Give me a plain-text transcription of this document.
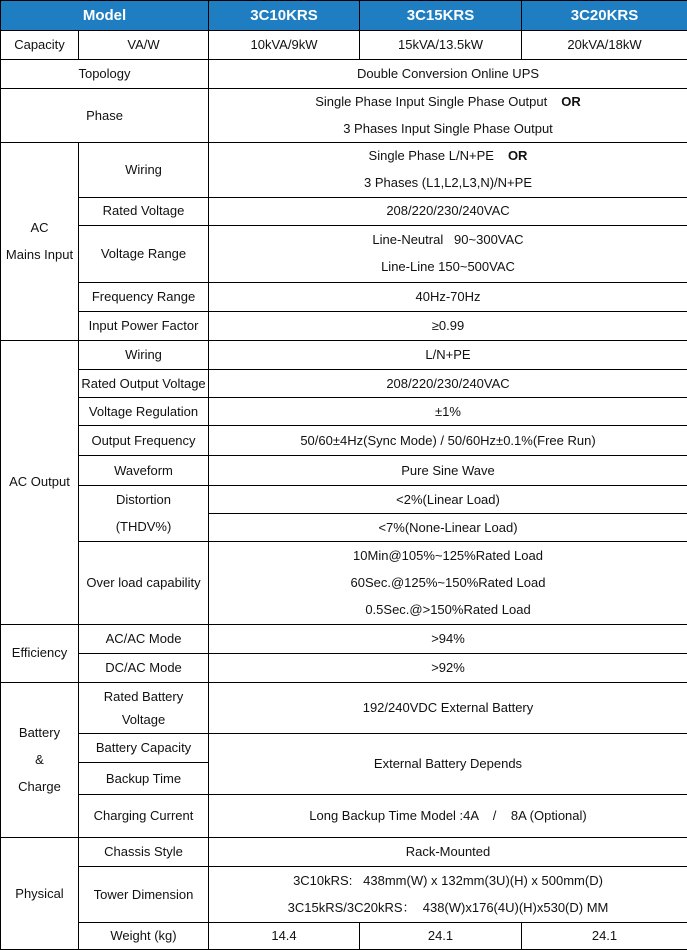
Model		3C10KRS	3C15KRS	3C20KRS
Capacity	VA/W	10kVA/9kW	15kVA/13.5kW	20kVA/18kW
Topology		Double Conversion Online UPS		
Phase		Single Phase Input Single Phase Output OR
3 Phases Input Single Phase Output		

AC
Mains Input	Wiring	Single Phase L/N+PE OR
3 Phases (L1,L2,L3,N)/N+PE		

	Rated Voltage	208/220/230/240VAC		
	Voltage Range	Line-Neutral   90~300VAC
Line-Line 150~500VAC		

	Frequency Range	40Hz-70Hz		
	Input Power Factor	≥0.99		
AC Output	Wiring	L/N+PE		
	Rated Output Voltage	208/220/230/240VAC		
	Voltage Regulation	±1%		
	Output Frequency	50/60±4Hz(Sync Mode) / 50/60Hz±0.1%(Free Run)		
	Waveform	Pure Sine Wave		

	Distortion
(THDV%)	<2%(Linear Load)		
		<7%(None-Linear Load)		
	Over load capability	10Min@105%~125%Rated Load
60Sec.@125%~150%Rated Load
0.5Sec.@>150%Rated Load		

Efficiency	AC/AC Mode	>94%		
	DC/AC Mode	>92%		

Battery
&
Charge	Rated Battery
Voltage	192/240VDC External Battery		
	Battery Capacity	External Battery Depends		
	Backup Time			
	Charging Current	Long Backup Time Model :4A    /    8A (Optional)		
Physical	Chassis Style	Rack-Mounted		
	Tower Dimension	3C10kRS:   438mm(W) x 132mm(3U)(H) x 500mm(D)
3C15kRS/3C20kRS：  438(W)x176(4U)(H)x530(D) MM		

	Weight (kg)	14.4	24.1	24.1
